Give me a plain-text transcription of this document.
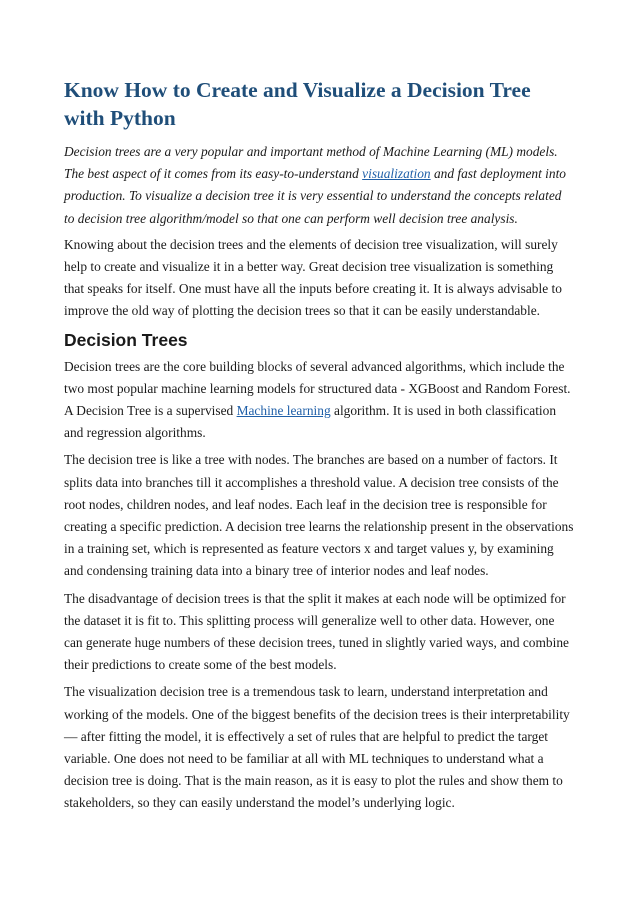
Know How to Create and Visualize a Decision Tree with Python

Decision trees are a very popular and important method of Machine Learning (ML) models. The best aspect of it comes from its easy-to-understand visualization and fast deployment into production. To visualize a decision tree it is very essential to understand the concepts related to decision tree algorithm/model so that one can perform well decision tree analysis.

Knowing about the decision trees and the elements of decision tree visualization, will surely help to create and visualize it in a better way. Great decision tree visualization is something that speaks for itself. One must have all the inputs before creating it. It is always advisable to improve the old way of plotting the decision trees so that it can be easily understandable.

Decision Trees

Decision trees are the core building blocks of several advanced algorithms, which include the two most popular machine learning models for structured data - XGBoost and Random Forest. A Decision Tree is a supervised Machine learning algorithm. It is used in both classification and regression algorithms.

The decision tree is like a tree with nodes. The branches are based on a number of factors. It splits data into branches till it accomplishes a threshold value. A decision tree consists of the root nodes, children nodes, and leaf nodes. Each leaf in the decision tree is responsible for creating a specific prediction. A decision tree learns the relationship present in the observations in a training set, which is represented as feature vectors x and target values y, by examining and condensing training data into a binary tree of interior nodes and leaf nodes.

The disadvantage of decision trees is that the split it makes at each node will be optimized for the dataset it is fit to. This splitting process will generalize well to other data. However, one can generate huge numbers of these decision trees, tuned in slightly varied ways, and combine their predictions to create some of the best models.

The visualization decision tree is a tremendous task to learn, understand interpretation and working of the models. One of the biggest benefits of the decision trees is their interpretability — after fitting the model, it is effectively a set of rules that are helpful to predict the target variable. One does not need to be familiar at all with ML techniques to understand what a decision tree is doing. That is the main reason, as it is easy to plot the rules and show them to stakeholders, so they can easily understand the model’s underlying logic.
